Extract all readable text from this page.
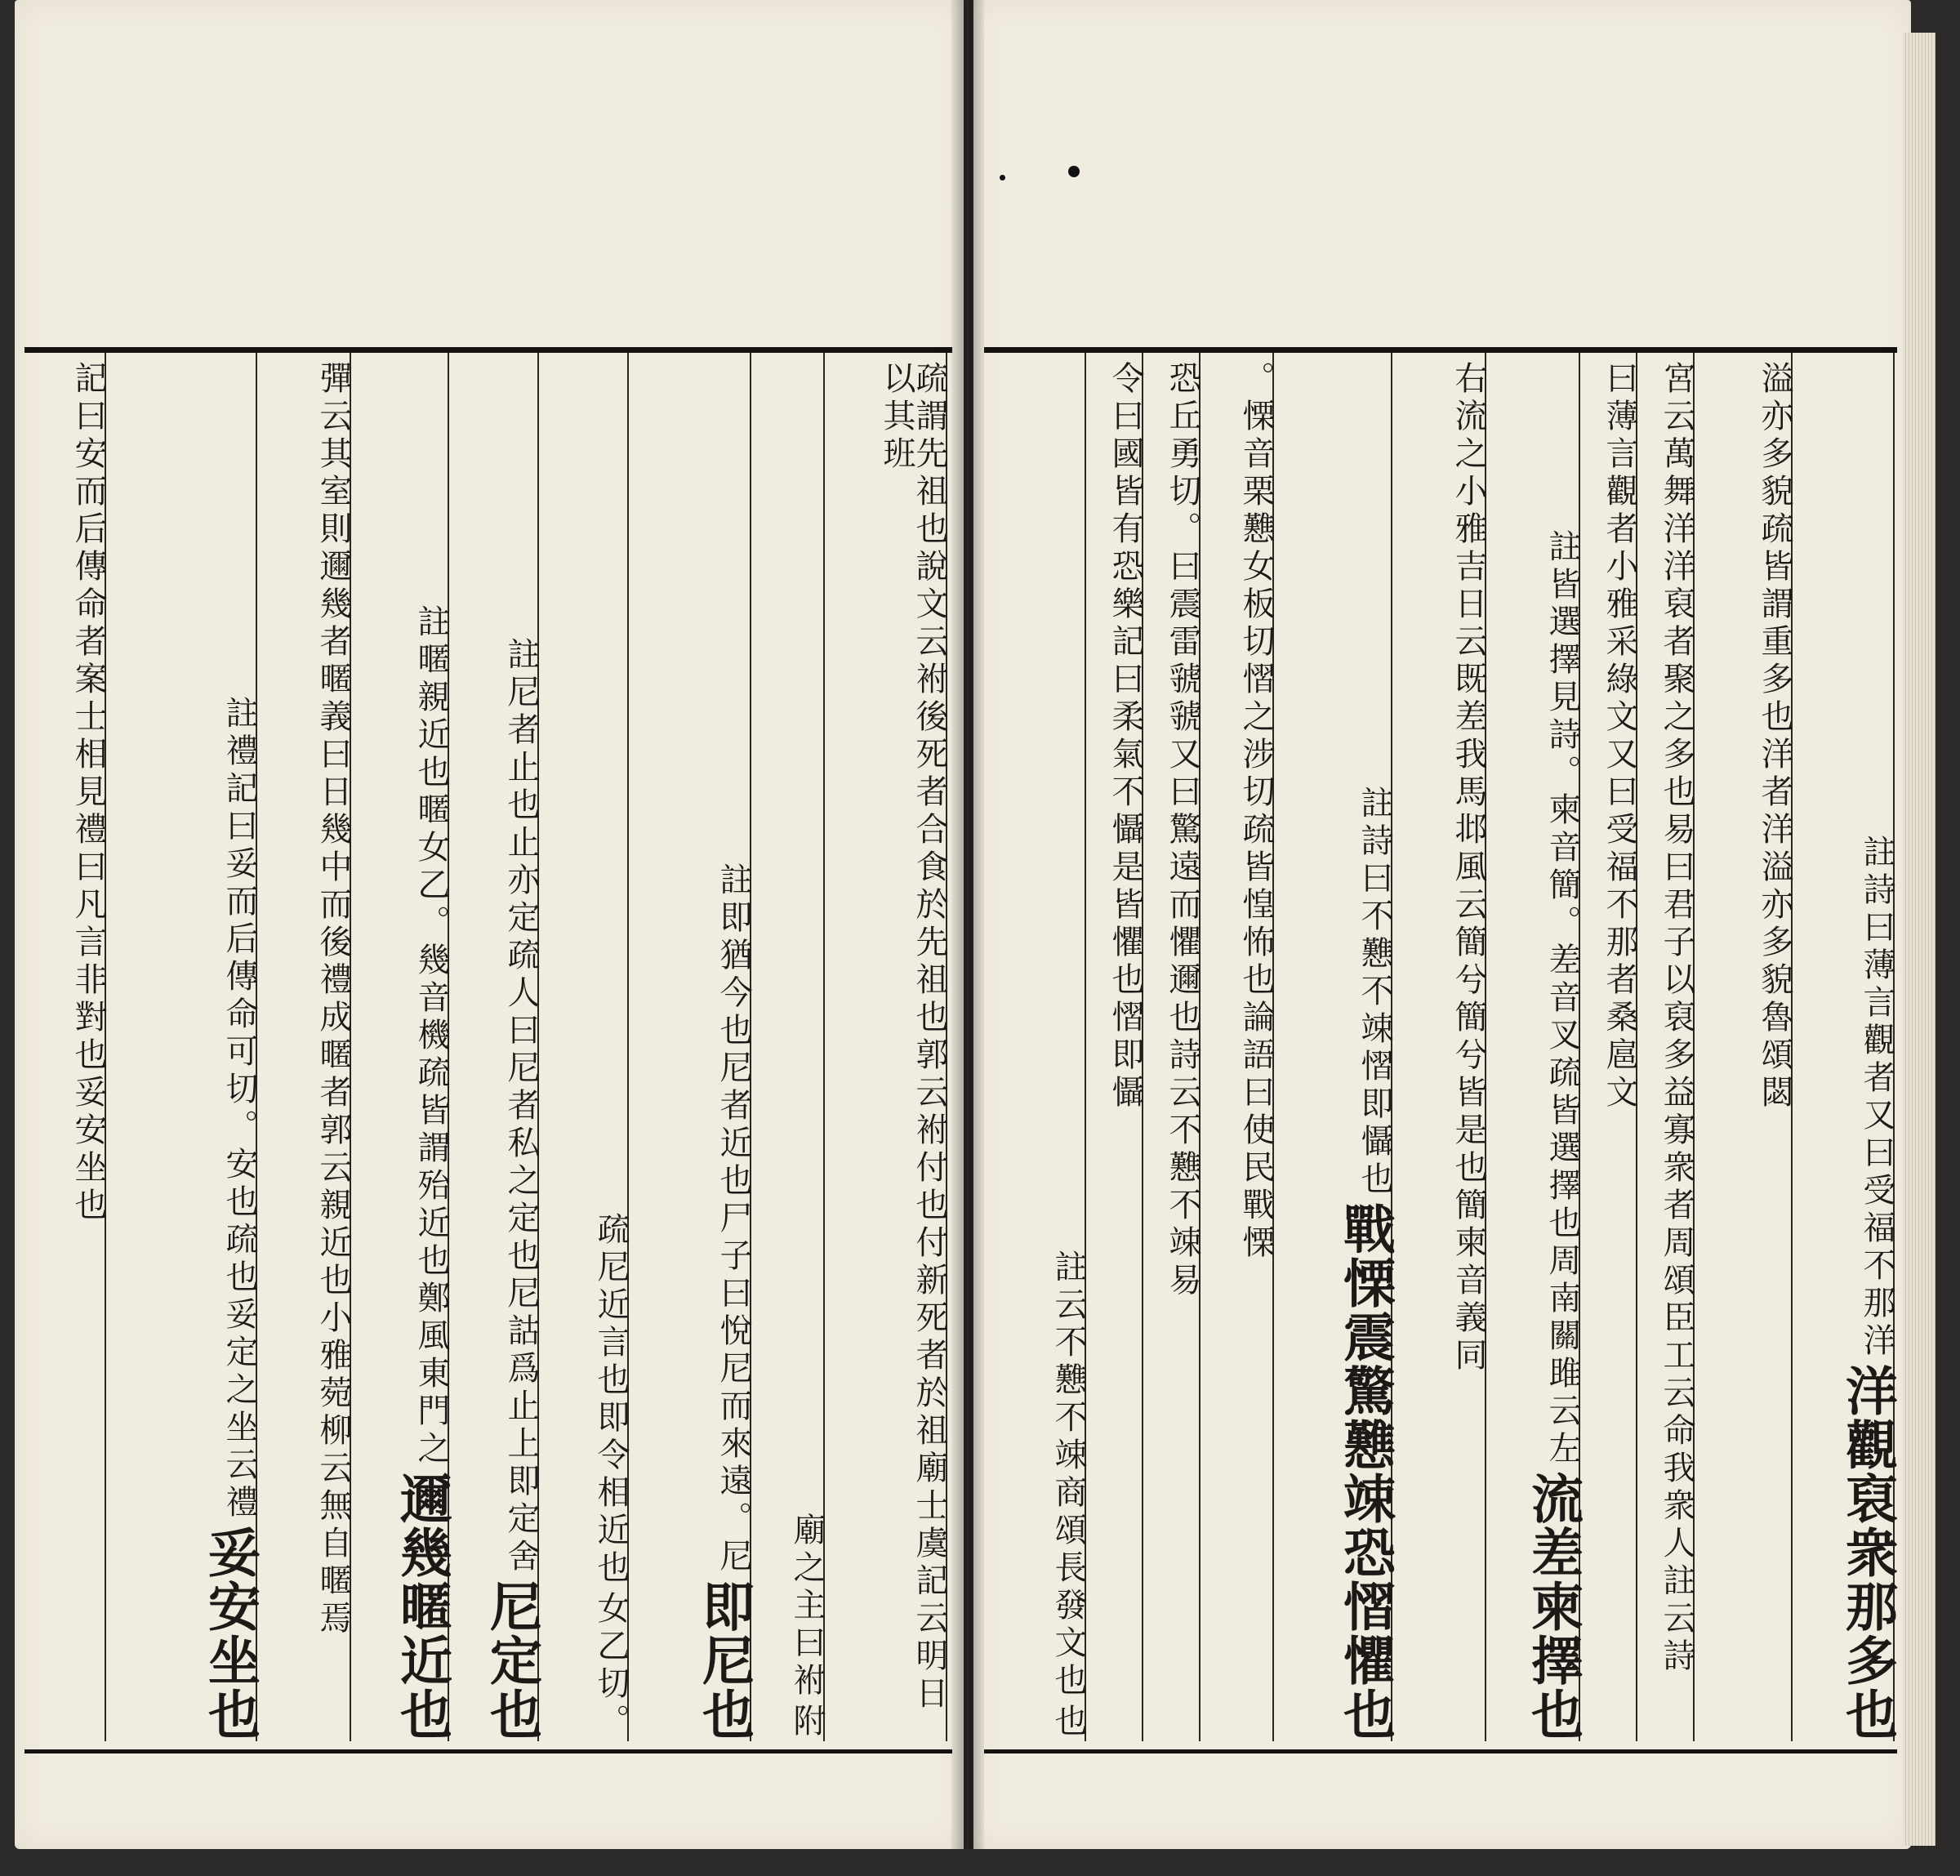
記曰安而后傳命者案士相見禮曰凡言非對也妥安坐也
妥安坐也
註禮記曰妥而后傳命可切。安也疏也妥定之坐云禮 彈云其室則邇幾者暱義曰日幾中而後禮成暱者郭云親近也小雅菀柳云無自暱焉 邇幾暱近也
註暱親近也暱女乙。幾音機疏皆謂殆近也鄭風東門之
尼定也
註尼者止也止亦定疏人曰尼者私之定也尼詁爲止上即定舍
女乙切。
疏尼近言也即令相近也
即尼也
註即猶今也尼者近也尸子曰悅尼而來遠。尼
附
廟之主曰袝	疏謂先祖也說文云袝後死者合食於先祖也郭云袝付也付新死者於祖廟士虞記云明日以其班
也
註云不戁不竦商頌長發文也
令曰國皆有恐樂記曰柔氣不懾是皆懼也慴即懾 恐丘勇切。曰震雷虢虢又曰驚遠而懼邇也詩云不戁不竦易 。慄音栗戁女板切慴之涉切疏皆惶怖也論語曰使民戰慄
戰慄震驚戁竦恐慴懼也
註詩曰不戁不竦慴即懾也 右流之小雅吉日云既差我馬邶風云簡兮簡兮皆是也簡柬音義同
流差柬擇也
註皆選擇見詩。柬音簡。差音叉疏皆選擇也周南關雎云左 曰薄言觀者小雅采綠文又曰受福不那者桑扈文 宮云萬舞洋洋裒者聚之多也易曰君子以裒多益寡衆者周頌臣工云命我衆人註云詩 溢亦多貌疏皆謂重多也洋者洋溢亦多貌魯頌閟
洋觀裒衆那多也
註詩曰薄言觀者又曰受福不那洋
